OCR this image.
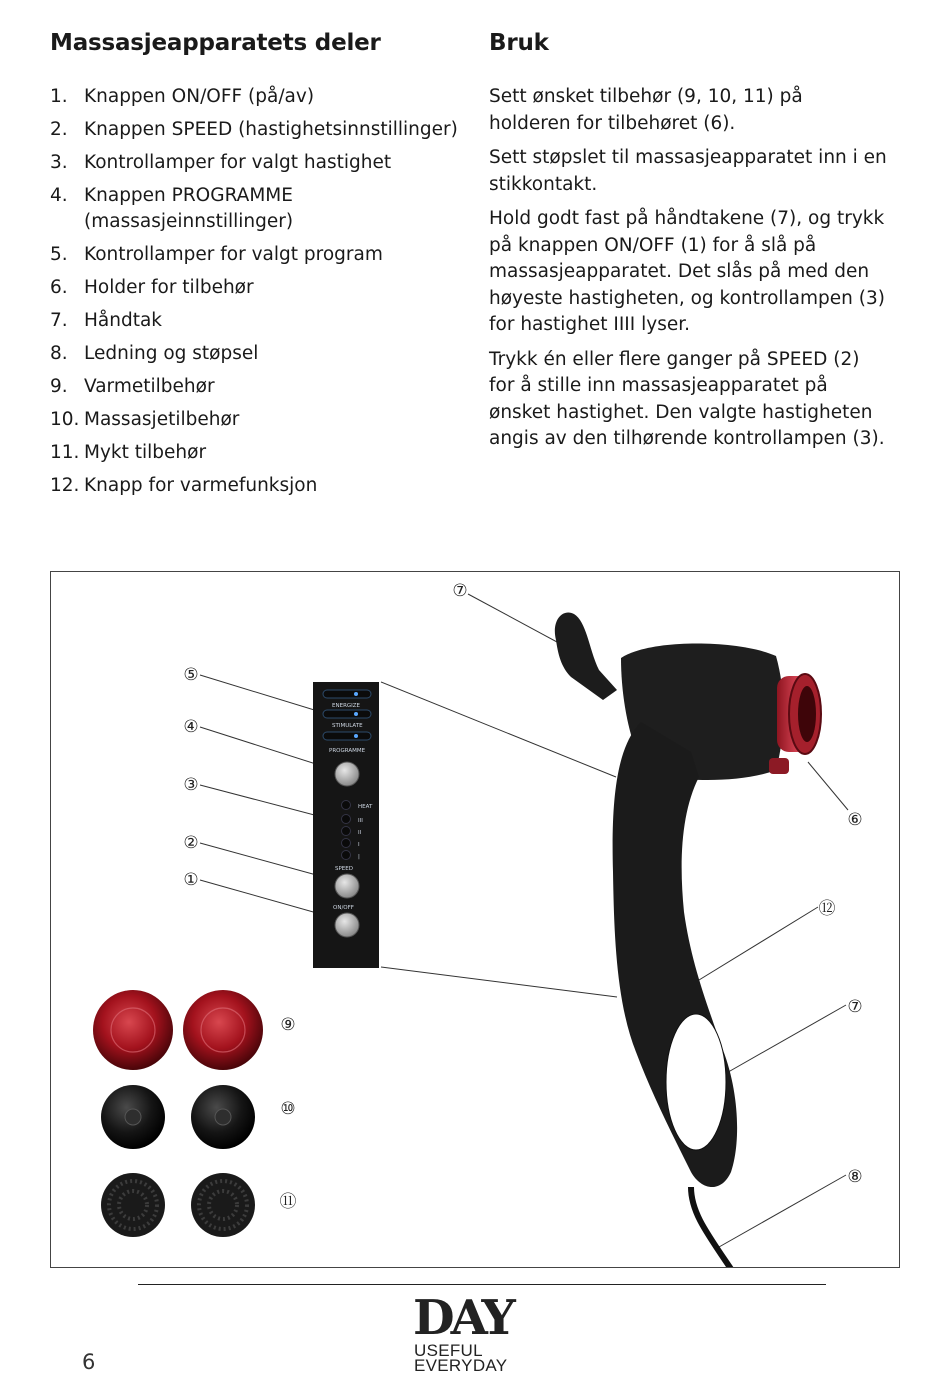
Massasjeapparatets deler
1. Knappen ON/OFF (på/av)
2. Knappen SPEED (hastighetsinnstillinger)
3. Kontrollamper for valgt hastighet
4. Knappen PROGRAMME (massasjeinnstillinger)
5. Kontrollamper for valgt program
6. Holder for tilbehør
7. Håndtak
8. Ledning og støpsel
9. Varmetilbehør
10. Massasjetilbehør
11. Mykt tilbehør
12. Knapp for varmefunksjon
Bruk

Sett ønsket tilbehør (9, 10, 11) på holderen for tilbehøret (6).

Sett støpslet til massasjeapparatet inn i en stikkontakt.

Hold godt fast på håndtakene (7), og trykk på knappen ON/OFF (1) for å slå på massasjeapparatet. Det slås på med den høyeste hastigheten, og kontrollampen (3) for hastighet IIII lyser.

Trykk én eller flere ganger på SPEED (2) for å stille inn massasjeapparatet på ønsket hastighet. Den valgte hastigheten angis av den tilhørende kontrollampen (3).

ENERGIZE
STIMULATE
PROGRAMME
HEAT
III
II
I
|
SPEED
ON/OFF
⑦
⑤
④
③
②
①
⑥
⑫
⑦
⑧
⑨
⑩
⑪
6
DAY
USEFUL
EVERYDAY
